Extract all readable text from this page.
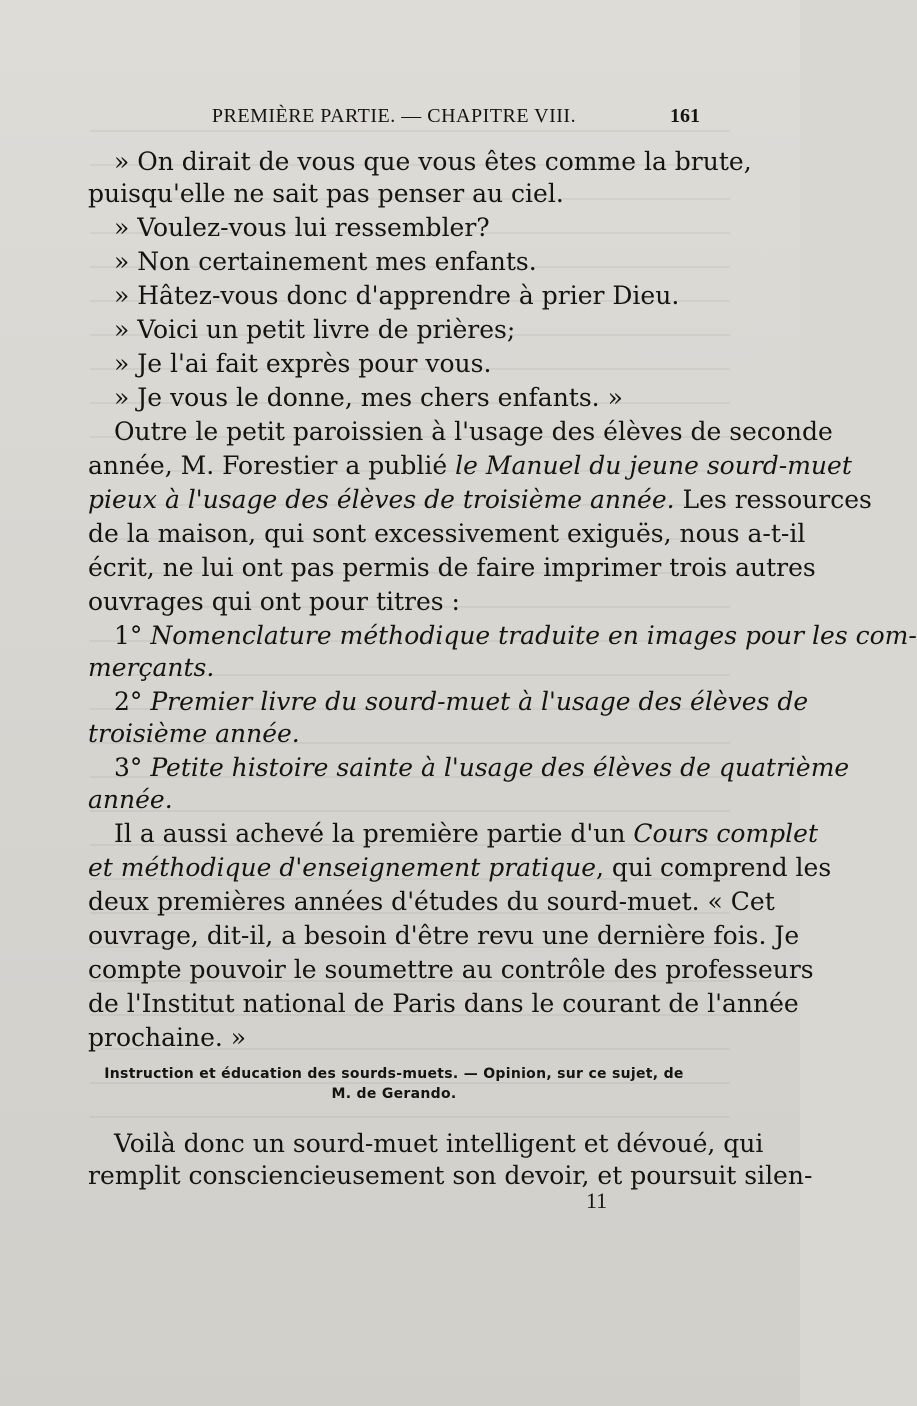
PREMIÈRE PARTIE. — CHAPITRE VIII.	161
» On dirait de vous que vous êtes comme la brute,
puisqu'elle ne sait pas penser au ciel.
» Voulez-vous lui ressembler?
» Non certainement mes enfants.
» Hâtez-vous donc d'apprendre à prier Dieu.
» Voici un petit livre de prières;
» Je l'ai fait exprès pour vous.
» Je vous le donne, mes chers enfants. »
Outre le petit paroissien à l'usage des élèves de seconde
année, M. Forestier a publié le Manuel du jeune sourd-muet
pieux à l'usage des élèves de troisième année. Les ressources
de la maison, qui sont excessivement exiguës, nous a-t-il
écrit, ne lui ont pas permis de faire imprimer trois autres
ouvrages qui ont pour titres :
1° Nomenclature méthodique traduite en images pour les com-
merçants.
2° Premier livre du sourd-muet à l'usage des élèves de
troisième année.
3° Petite histoire sainte à l'usage des élèves de quatrième
année.
Il a aussi achevé la première partie d'un Cours complet
et méthodique d'enseignement pratique, qui comprend les
deux premières années d'études du sourd-muet. « Cet
ouvrage, dit-il, a besoin d'être revu une dernière fois. Je
compte pouvoir le soumettre au contrôle des professeurs
de l'Institut national de Paris dans le courant de l'année
prochaine. »
Instruction et éducation des sourds-muets. — Opinion, sur ce sujet, de
M. de Gerando.
Voilà donc un sourd-muet intelligent et dévoué, qui
remplit consciencieusement son devoir, et poursuit silen-
11
